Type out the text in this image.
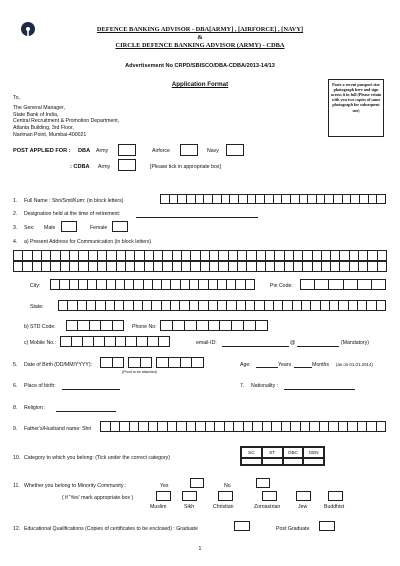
DEFENCE BANKING ADVISOR - DBA[ARMY] , [AIRFORCE] , [NAVY]
&
CIRCLE DEFENCE BANKING ADVISOR (ARMY) - CDBA
Advertisement No CRPD/SBISCO/DBA-CDBA/2013-14/13
Application Format	Paste a recent passport size photograph here and sign across it in full (Please retain with you two copies of same photograph for subsequent use)
To,
The General Manager,
State Bank of India,
Central Recruitment & Promotion Department,
Atlanta Building, 3rd Floor,
Nariman Point, Mumbai-400021
POST APPLIED FOR : DBA Army	Airforce	Navy
: CDBA Army	[Please tick in appropriate box]
1. Full Name : Shri/Smt/Kum: (in block letters)
2. Designation held at the time of retirement:
3. Sex: Male	Female
4. a) Present Address for Communication (in block letters)
City:	Pin Code:
State:
b) STD Code:	Phone No:
c) Mobile No.:	email-ID:	@	(Mandatory)
5. Date of Birth (DD/MM/YYYY):
(Proof to be attached)
Age:	Years	Months (as on 01.01.2014)
6. Place of birth:	7. Nationality :
8. Religion :
9. Father's/Husband name: Shri
10. Category to which you belong: (Tick under the correct category)
SC	ST	OBC	GEN
11. Whether you belong to Minority Community :	Yes	No
( if 'Yes' mark appropriate box )
Muslim	Sikh	Christian	Zoroastrian	Jew	Buddhist
12. Educational Qualifications (Copies of certificates to be enclosed) : Graduate	Post Graduate
1
